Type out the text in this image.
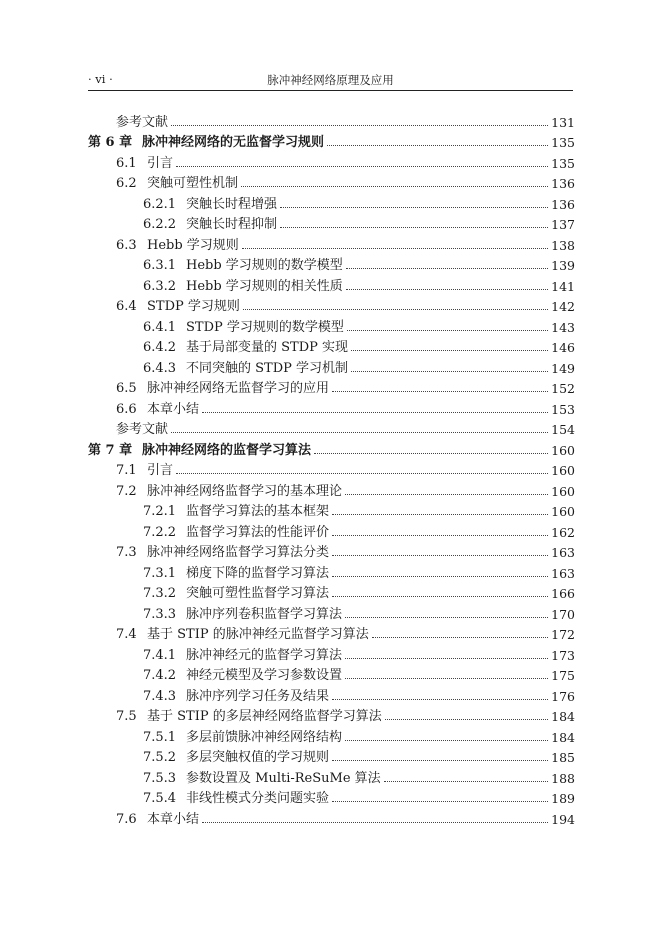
· vi ·	脉冲神经网络原理及应用
参考文献	131
第 6 章 脉冲神经网络的无监督学习规则	135
6.1 引言	135
6.2 突触可塑性机制	136
6.2.1 突触长时程增强	136
6.2.2 突触长时程抑制	137
6.3 Hebb 学习规则	138
6.3.1 Hebb 学习规则的数学模型	139
6.3.2 Hebb 学习规则的相关性质	141
6.4 STDP 学习规则	142
6.4.1 STDP 学习规则的数学模型	143
6.4.2 基于局部变量的 STDP 实现	146
6.4.3 不同突触的 STDP 学习机制	149
6.5 脉冲神经网络无监督学习的应用	152
6.6 本章小结	153
参考文献	154
第 7 章 脉冲神经网络的监督学习算法	160
7.1 引言	160
7.2 脉冲神经网络监督学习的基本理论	160
7.2.1 监督学习算法的基本框架	160
7.2.2 监督学习算法的性能评价	162
7.3 脉冲神经网络监督学习算法分类	163
7.3.1 梯度下降的监督学习算法	163
7.3.2 突触可塑性监督学习算法	166
7.3.3 脉冲序列卷积监督学习算法	170
7.4 基于 STIP 的脉冲神经元监督学习算法	172
7.4.1 脉冲神经元的监督学习算法	173
7.4.2 神经元模型及学习参数设置	175
7.4.3 脉冲序列学习任务及结果	176
7.5 基于 STIP 的多层神经网络监督学习算法	184
7.5.1 多层前馈脉冲神经网络结构	184
7.5.2 多层突触权值的学习规则	185
7.5.3 参数设置及 Multi-ReSuMe 算法	188
7.5.4 非线性模式分类问题实验	189
7.6 本章小结	194
